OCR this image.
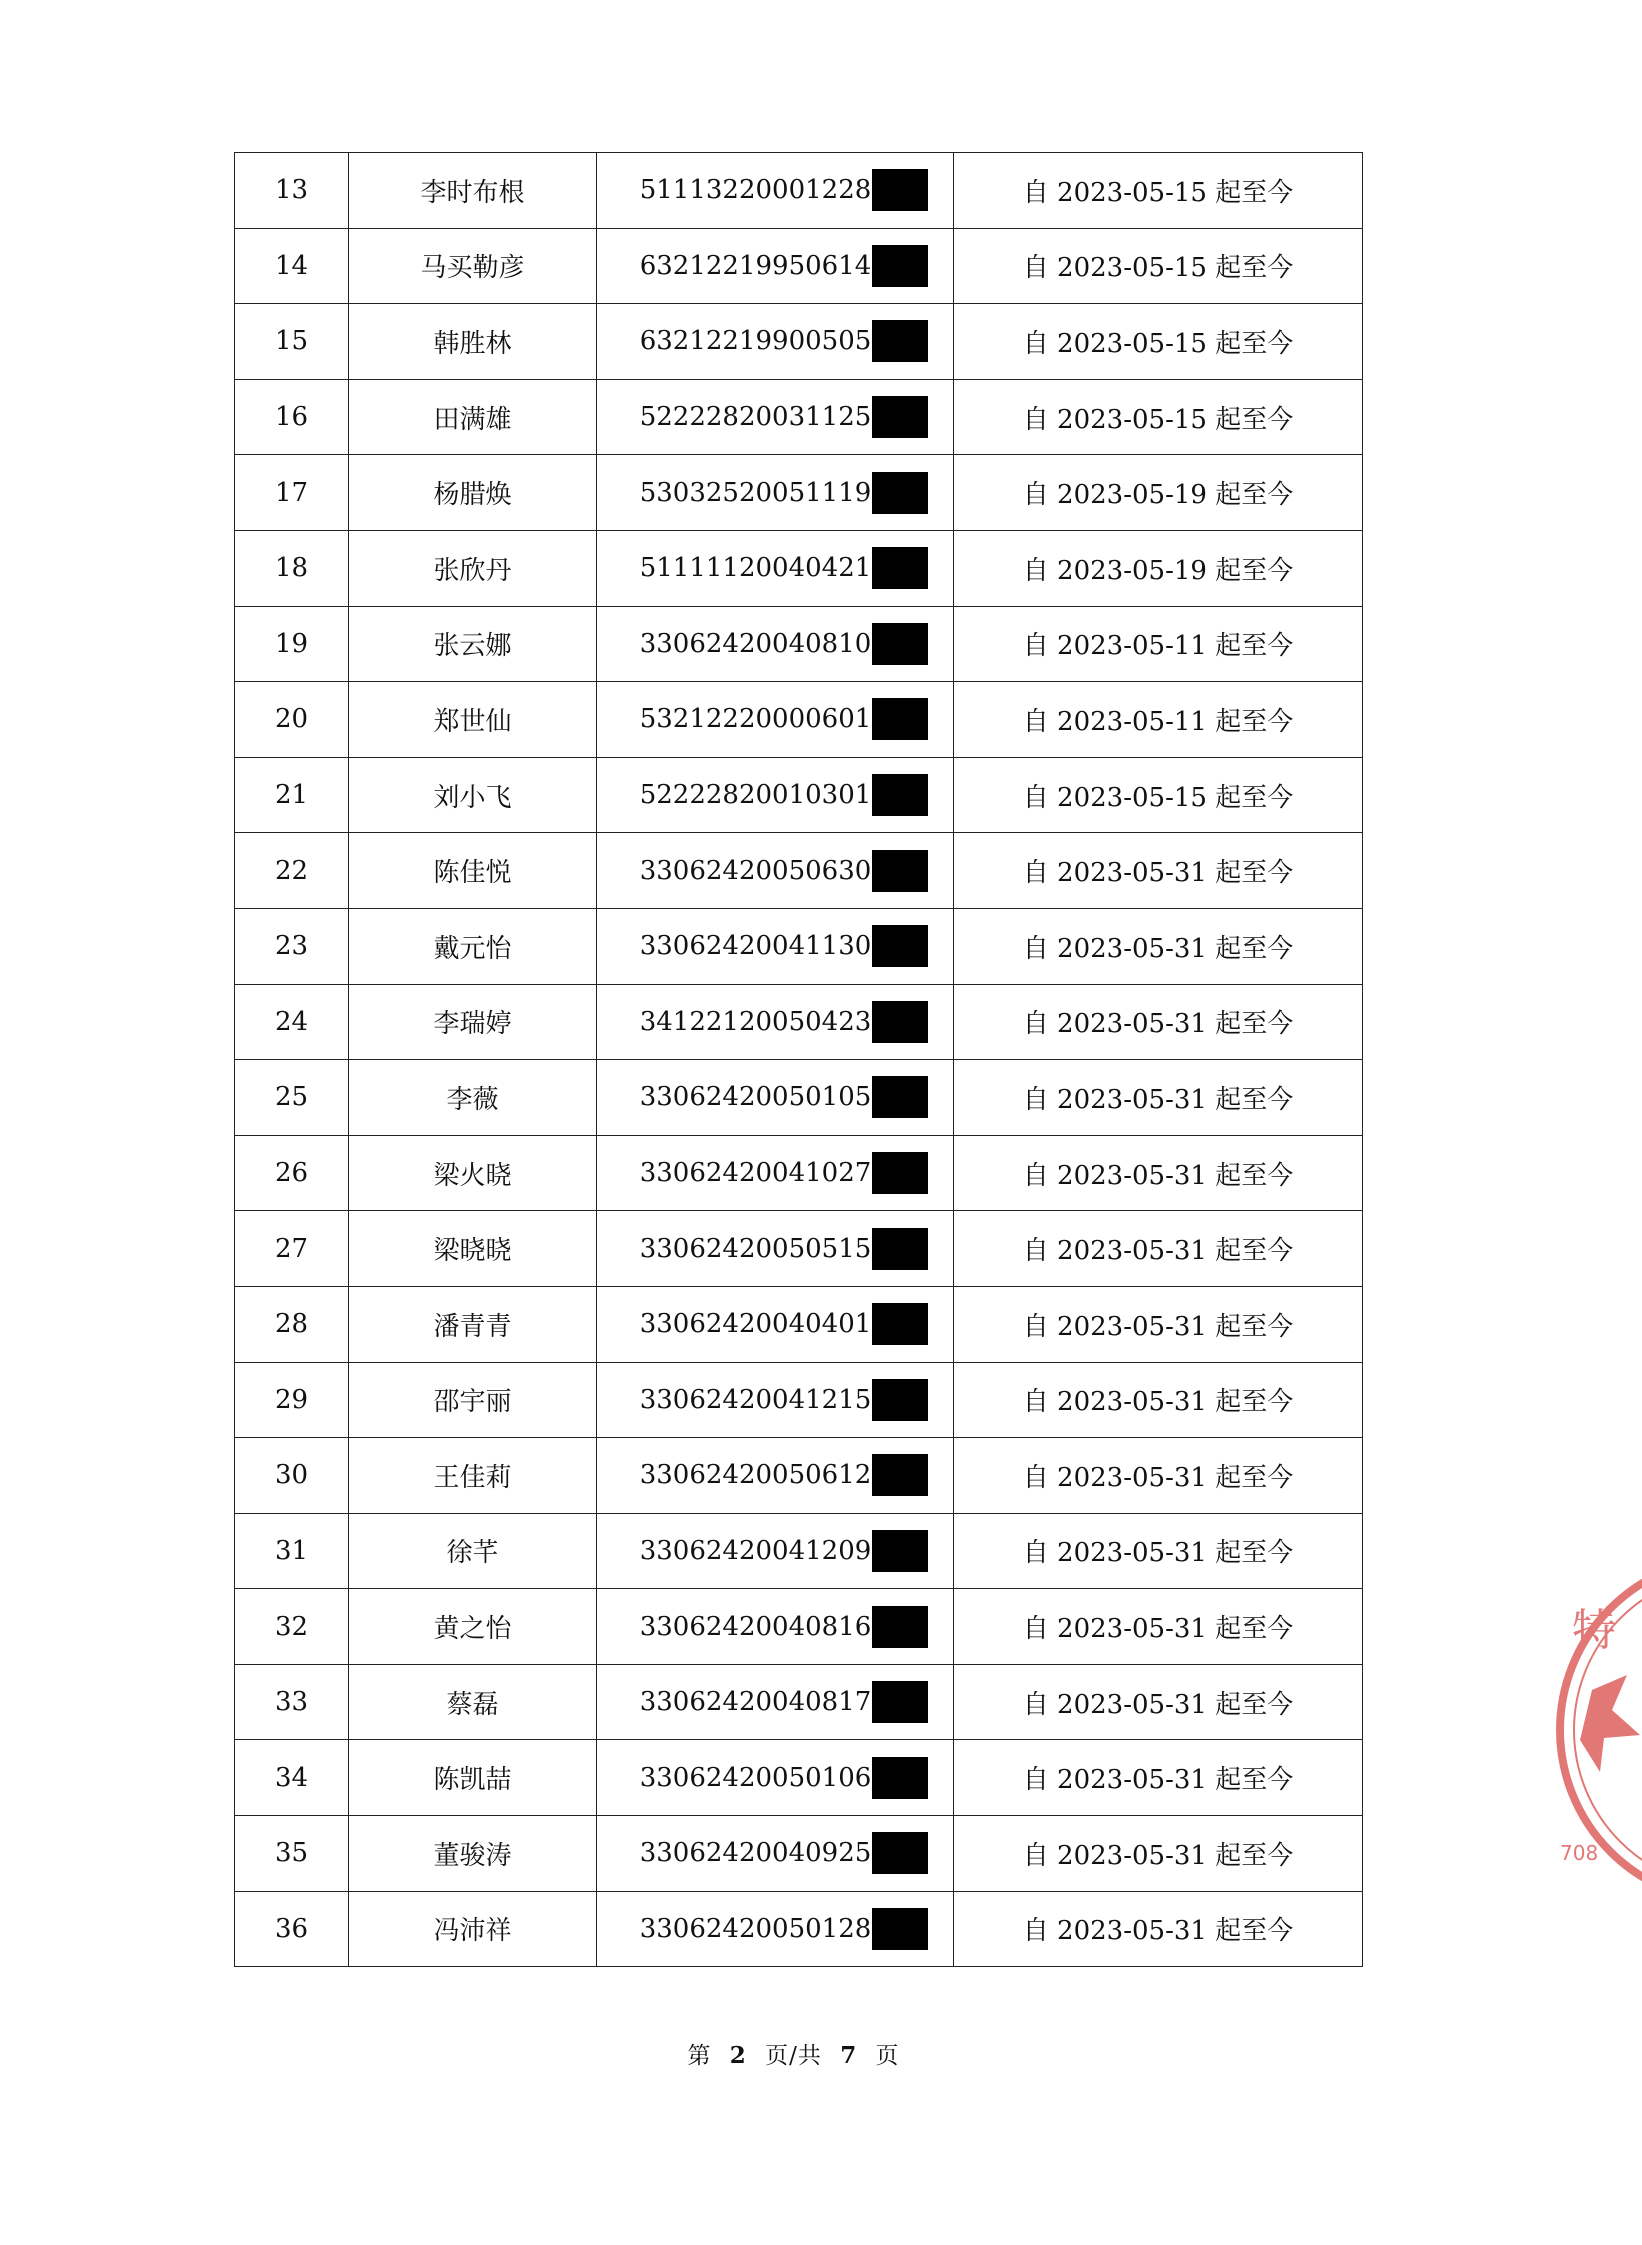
13	李时布根	51113220001228	自 2023-05-15 起至今
14	马买勒彦	63212219950614	自 2023-05-15 起至今
15	韩胜林	63212219900505	自 2023-05-15 起至今
16	田满雄	52222820031125	自 2023-05-15 起至今
17	杨腊焕	53032520051119	自 2023-05-19 起至今
18	张欣丹	51111120040421	自 2023-05-19 起至今
19	张云娜	33062420040810	自 2023-05-11 起至今
20	郑世仙	53212220000601	自 2023-05-11 起至今
21	刘小飞	52222820010301	自 2023-05-15 起至今
22	陈佳悦	33062420050630	自 2023-05-31 起至今
23	戴元怡	33062420041130	自 2023-05-31 起至今
24	李瑞婷	34122120050423	自 2023-05-31 起至今
25	李薇	33062420050105	自 2023-05-31 起至今
26	梁火晓	33062420041027	自 2023-05-31 起至今
27	梁晓晓	33062420050515	自 2023-05-31 起至今
28	潘青青	33062420040401	自 2023-05-31 起至今
29	邵宇丽	33062420041215	自 2023-05-31 起至今
30	王佳莉	33062420050612	自 2023-05-31 起至今
31	徐芊	33062420041209	自 2023-05-31 起至今
32	黄之怡	33062420040816	自 2023-05-31 起至今
33	蔡磊	33062420040817	自 2023-05-31 起至今
34	陈凯喆	33062420050106	自 2023-05-31 起至今
35	董骏涛	33062420040925	自 2023-05-31 起至今
36	冯沛祥	33062420050128	自 2023-05-31 起至今
第 2 页/共 7 页
特
708
